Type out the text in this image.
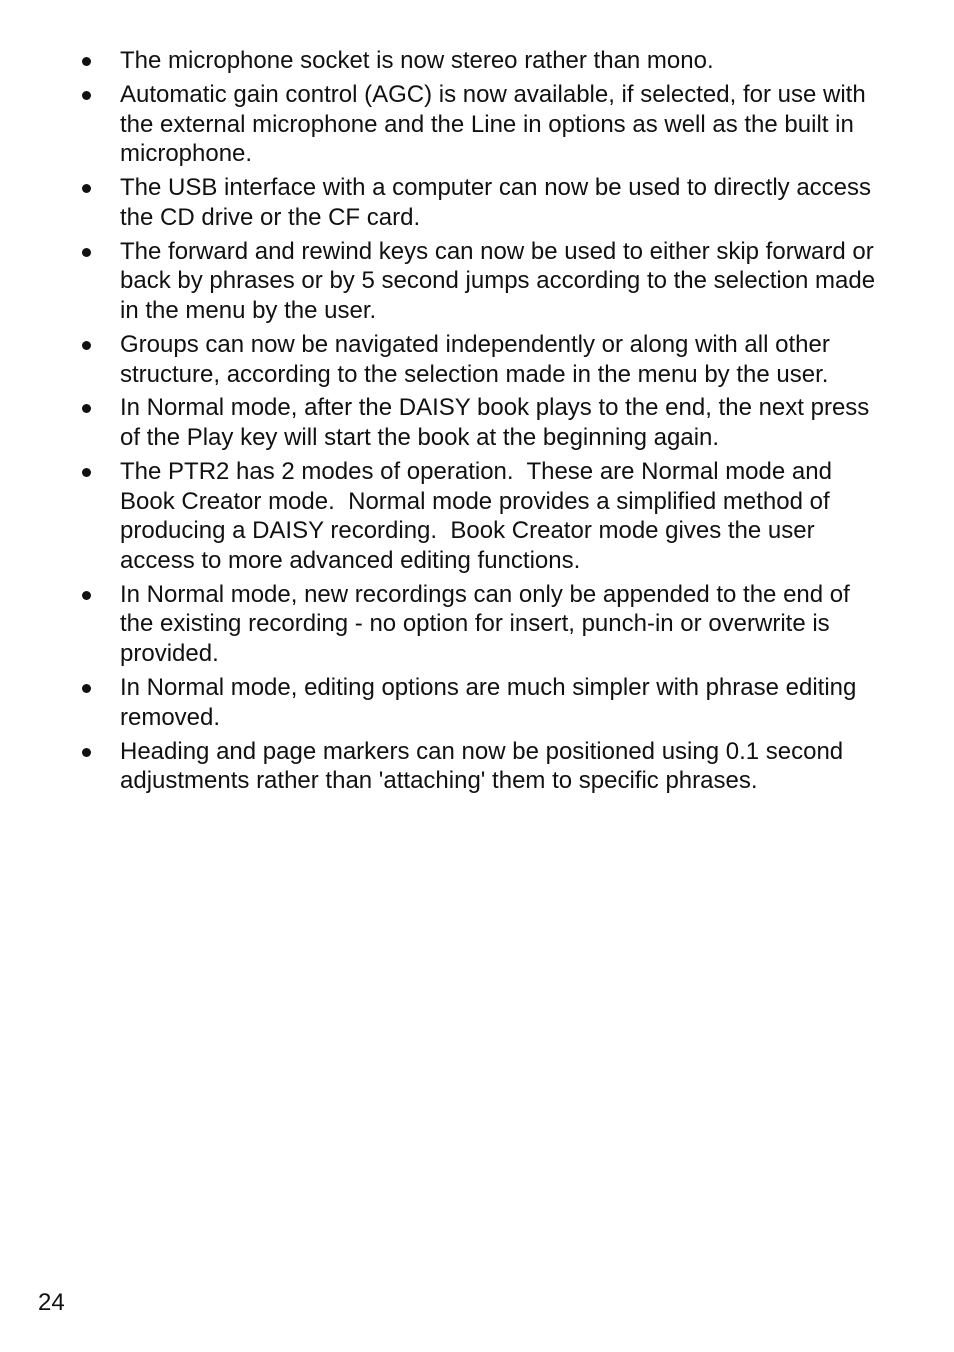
The microphone socket is now stereo rather than mono.
Automatic gain control (AGC) is now available, if selected, for use with the external microphone and the Line in options as well as the built in microphone.
The USB interface with a computer can now be used to directly access the CD drive or the CF card.
The forward and rewind keys can now be used to either skip forward or back by phrases or by 5 second jumps according to the selection made in the menu by the user.
Groups can now be navigated independently or along with all other structure, according to the selection made in the menu by the user.
In Normal mode, after the DAISY book plays to the end, the next press of the Play key will start the book at the beginning again.
The PTR2 has 2 modes of operation.  These are Normal mode and Book Creator mode.  Normal mode provides a simplified method of producing a DAISY recording.  Book Creator mode gives the user access to more advanced editing functions.
In Normal mode, new recordings can only be appended to the end of the existing recording - no option for insert, punch-in or overwrite is provided.
In Normal mode, editing options are much simpler with phrase editing removed.
Heading and page markers can now be positioned using 0.1 second adjustments rather than 'attaching' them to specific phrases.
24
